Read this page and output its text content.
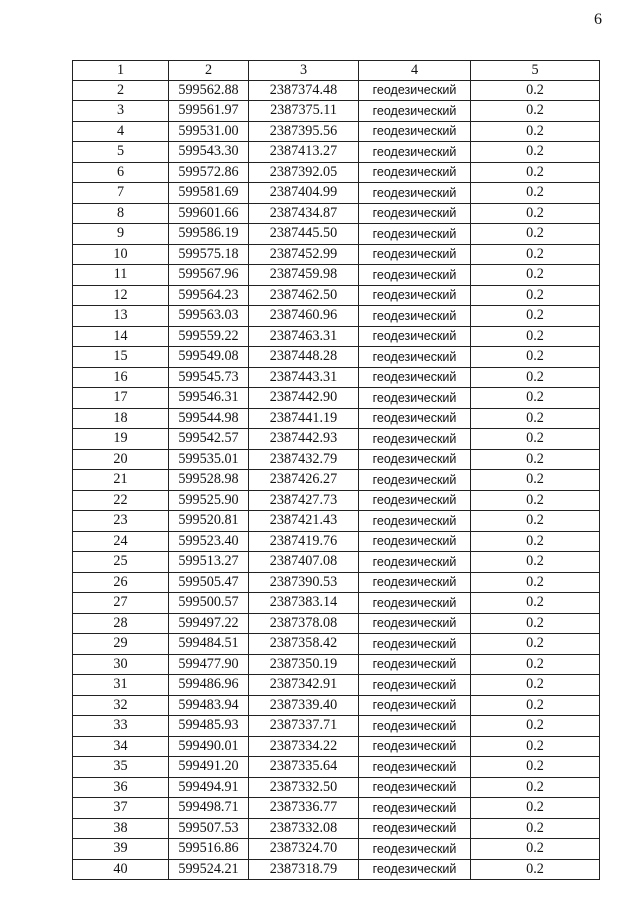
6
1	2	3	4	5
2	599562.88	2387374.48	геодезический	0.2
3	599561.97	2387375.11	геодезический	0.2
4	599531.00	2387395.56	геодезический	0.2
5	599543.30	2387413.27	геодезический	0.2
6	599572.86	2387392.05	геодезический	0.2
7	599581.69	2387404.99	геодезический	0.2
8	599601.66	2387434.87	геодезический	0.2
9	599586.19	2387445.50	геодезический	0.2
10	599575.18	2387452.99	геодезический	0.2
11	599567.96	2387459.98	геодезический	0.2
12	599564.23	2387462.50	геодезический	0.2
13	599563.03	2387460.96	геодезический	0.2
14	599559.22	2387463.31	геодезический	0.2
15	599549.08	2387448.28	геодезический	0.2
16	599545.73	2387443.31	геодезический	0.2
17	599546.31	2387442.90	геодезический	0.2
18	599544.98	2387441.19	геодезический	0.2
19	599542.57	2387442.93	геодезический	0.2
20	599535.01	2387432.79	геодезический	0.2
21	599528.98	2387426.27	геодезический	0.2
22	599525.90	2387427.73	геодезический	0.2
23	599520.81	2387421.43	геодезический	0.2
24	599523.40	2387419.76	геодезический	0.2
25	599513.27	2387407.08	геодезический	0.2
26	599505.47	2387390.53	геодезический	0.2
27	599500.57	2387383.14	геодезический	0.2
28	599497.22	2387378.08	геодезический	0.2
29	599484.51	2387358.42	геодезический	0.2
30	599477.90	2387350.19	геодезический	0.2
31	599486.96	2387342.91	геодезический	0.2
32	599483.94	2387339.40	геодезический	0.2
33	599485.93	2387337.71	геодезический	0.2
34	599490.01	2387334.22	геодезический	0.2
35	599491.20	2387335.64	геодезический	0.2
36	599494.91	2387332.50	геодезический	0.2
37	599498.71	2387336.77	геодезический	0.2
38	599507.53	2387332.08	геодезический	0.2
39	599516.86	2387324.70	геодезический	0.2
40	599524.21	2387318.79	геодезический	0.2
